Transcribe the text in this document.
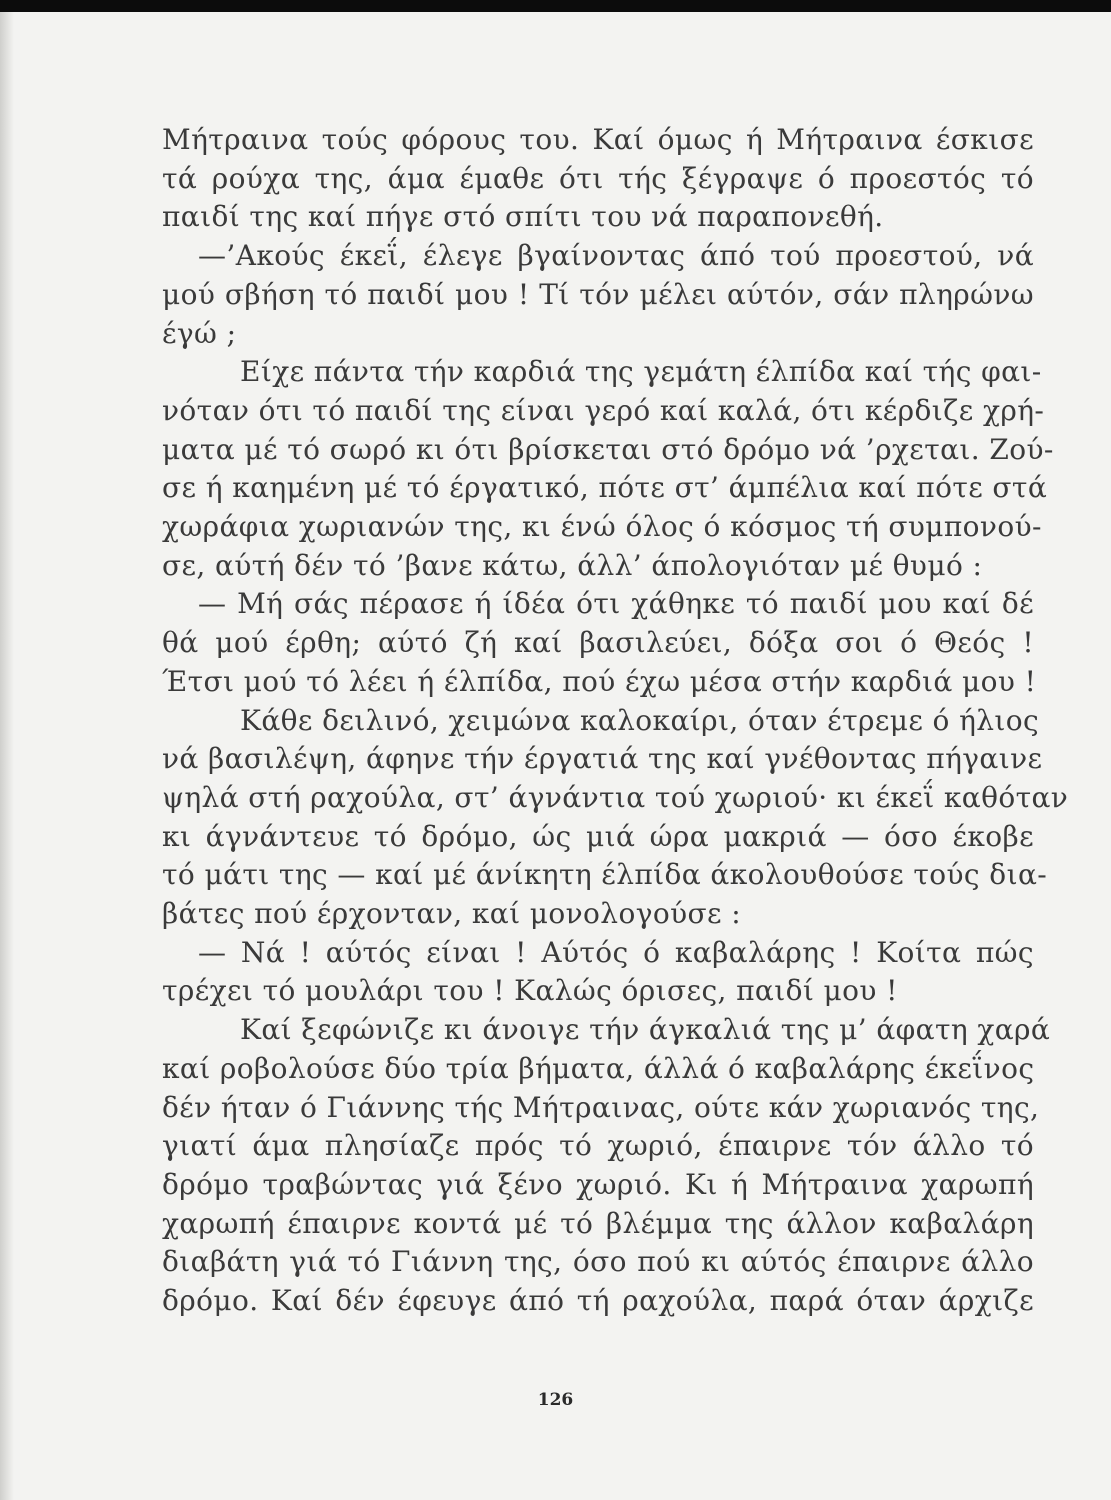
Μήτραινα τούς φόρους του. Καί όμως ή Μήτραινα έσκισε
τά ρούχα της, άμα έμαθε ότι τής ξέγραψε ό προεστός τό
παιδί της καί πήγε στό σπίτι του νά παραπονεθή.
—’Ακούς έκεΐ, έλεγε βγαίνοντας άπό τού προεστού, νά
μού σβήση τό παιδί μου ! Τί τόν μέλει αύτόν, σάν πληρώνω
έγώ ;
Είχε πάντα τήν καρδιά της γεμάτη έλπίδα καί τής φαι-
νόταν ότι τό παιδί της είναι γερό καί καλά, ότι κέρδιζε χρή-
ματα μέ τό σωρό κι ότι βρίσκεται στό δρόμο νά ’ρχεται. Ζού-
σε ή καημένη μέ τό έργατικό, πότε στ’ άμπέλια καί πότε στά
χωράφια χωριανών της, κι ένώ όλος ό κόσμος τή συμπονού-
σε, αύτή δέν τό ’βανε κάτω, άλλ’ άπολογιόταν μέ θυμό :
— Μή σάς πέρασε ή ίδέα ότι χάθηκε τό παιδί μου καί δέ
θά μού έρθη; αύτό ζή καί βασιλεύει, δόξα σοι ό Θεός !
Έτσι μού τό λέει ή έλπίδα, πού έχω μέσα στήν καρδιά μου !
Κάθε δειλινό, χειμώνα καλοκαίρι, όταν έτρεμε ό ήλιος
νά βασιλέψη, άφηνε τήν έργατιά της καί γνέθοντας πήγαινε
ψηλά στή ραχούλα, στ’ άγνάντια τού χωριού· κι έκεΐ καθόταν
κι άγνάντευε τό δρόμο, ώς μιά ώρα μακριά — όσο έκοβε
τό μάτι της — καί μέ άνίκητη έλπίδα άκολουθούσε τούς δια-
βάτες πού έρχονταν, καί μονολογούσε :
— Νά ! αύτός είναι ! Αύτός ό καβαλάρης ! Κοίτα πώς
τρέχει τό μουλάρι του ! Καλώς όρισες, παιδί μου !
Καί ξεφώνιζε κι άνοιγε τήν άγκαλιά της μ’ άφατη χαρά
καί ροβολούσε δύο τρία βήματα, άλλά ό καβαλάρης έκεΐνος
δέν ήταν ό Γιάννης τής Μήτραινας, ούτε κάν χωριανός της,
γιατί άμα πλησίαζε πρός τό χωριό, έπαιρνε τόν άλλο τό
δρόμο τραβώντας γιά ξένο χωριό. Κι ή Μήτραινα χαρωπή
χαρωπή έπαιρνε κοντά μέ τό βλέμμα της άλλον καβαλάρη
διαβάτη γιά τό Γιάννη της, όσο πού κι αύτός έπαιρνε άλλο
δρόμο. Καί δέν έφευγε άπό τή ραχούλα, παρά όταν άρχιζε
126
